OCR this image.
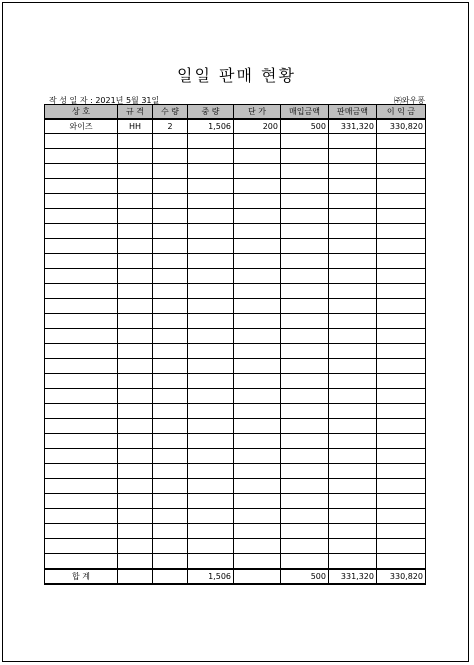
일일 판매 현황
작 성 일 자 : 2021년 5월 31일	㈜와우퐁
상 호	규 격	수 량	중 량	단 가	매입금액	판매금액	이 익 금
와이즈	HH	2	1,506	200	500	331,320	330,820

합 계			1,506		500	331,320	330,820
